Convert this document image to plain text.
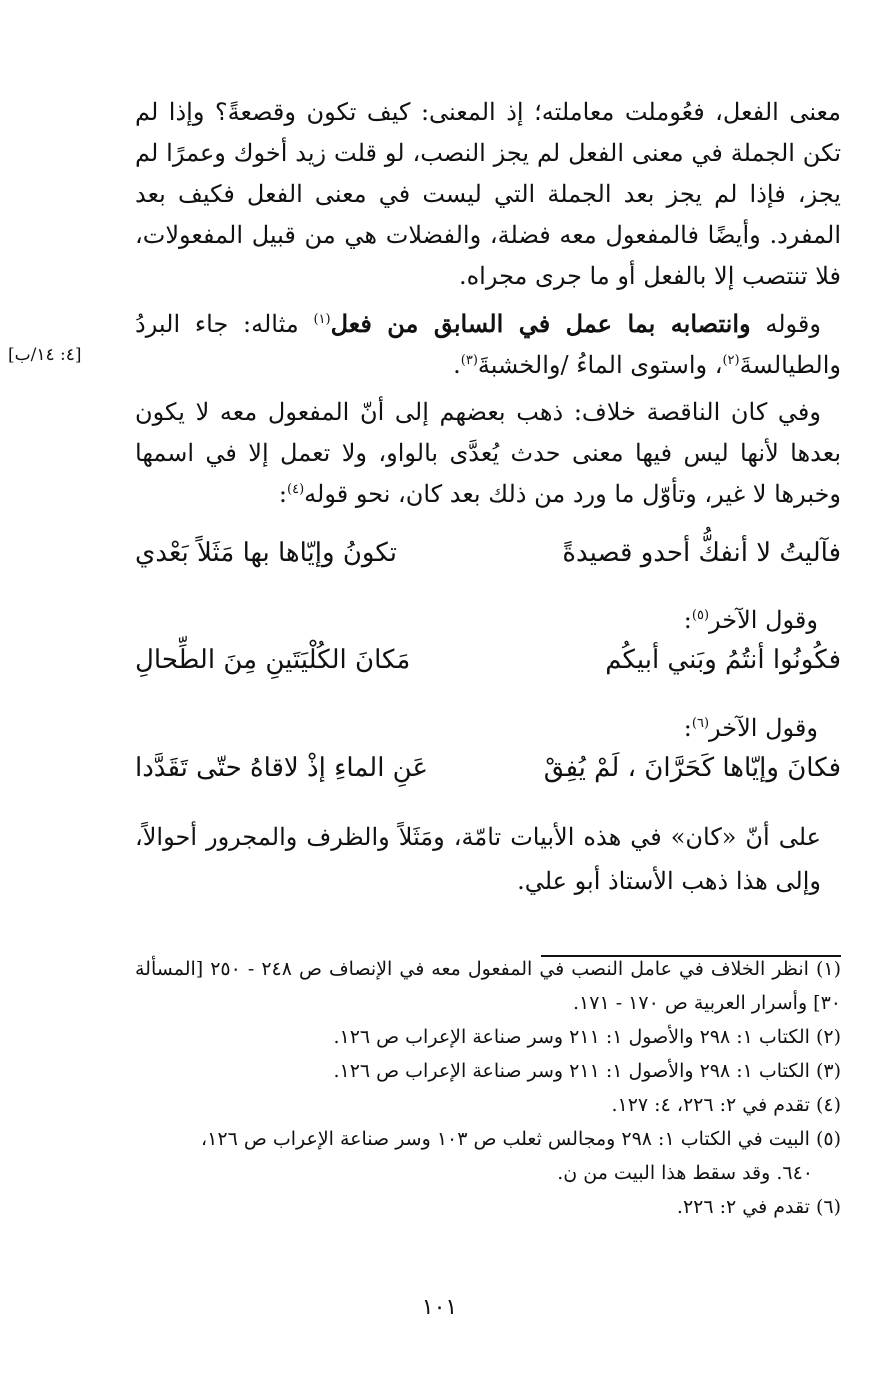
معنى الفعل، فعُوملت معاملته؛ إذ المعنى: كيف تكون وقصعةً؟ وإذا لم تكن الجملة في معنى الفعل لم يجز النصب، لو قلت زيد أخوك وعمرًا لم يجز، فإذا لم يجز بعد الجملة التي ليست في معنى الفعل فكيف بعد المفرد. وأيضًا فالمفعول معه فضلة، والفضلات هي من قبيل المفعولات، فلا تنتصب إلا بالفعل أو ما جرى مجراه.

وقوله وانتصابه بما عمل في السابق من فعل$^{(١)}$ مثاله: جاء البردُ والطيالسةَ$^{(٢)}$، واستوى الماءُ /والخشبةَ$^{(٣)}$.

وفي كان الناقصة خلاف: ذهب بعضهم إلى أنّ المفعول معه لا يكون بعدها لأنها ليس فيها معنى حدث يُعدَّى بالواو، ولا تعمل إلا في اسمها وخبرها لا غير، وتأوّل ما ورد من ذلك بعد كان، نحو قوله$^{(٤)}$:

[٤: ١٤/ب]
فآليتُ لا أنفكُّ أحدو قصيدةً
تكونُ وإيّاها بها مَثَلاً بَعْدي
وقول الآخر$^{(٥)}$:
فكُونُوا أنتُمُ وبَني أبيكُم
مَكانَ الكُلْيَتَينِ مِنَ الطِّحالِ
وقول الآخر$^{(٦)}$:
فكانَ وإيّاها كَحَرَّانَ ، لَمْ يُفِقْ
عَنِ الماءِ إذْ لاقاهُ حتّى تَقَدَّدا

على أنّ «كان» في هذه الأبيات تامّة، ومَثَلاً والظرف والمجرور أحوالاً، وإلى هذا ذهب الأستاذ أبو علي.

(١) انظر الخلاف في عامل النصب في المفعول معه في الإنصاف ص ٢٤٨ - ٢٥٠ [المسألة ٣٠] وأسرار العربية ص ١٧٠ - ١٧١.

(٢) الكتاب ١: ٢٩٨ والأصول ١: ٢١١ وسر صناعة الإعراب ص ١٢٦.

(٣) الكتاب ١: ٢٩٨ والأصول ١: ٢١١ وسر صناعة الإعراب ص ١٢٦.

(٤) تقدم في ٢: ٢٢٦، ٤: ١٢٧.

(٥) البيت في الكتاب ١: ٢٩٨ ومجالس ثعلب ص ١٠٣ وسر صناعة الإعراب ص ١٢٦،

٦٤٠. وقد سقط هذا البيت من ن.

(٦) تقدم في ٢: ٢٢٦.

١٠١
